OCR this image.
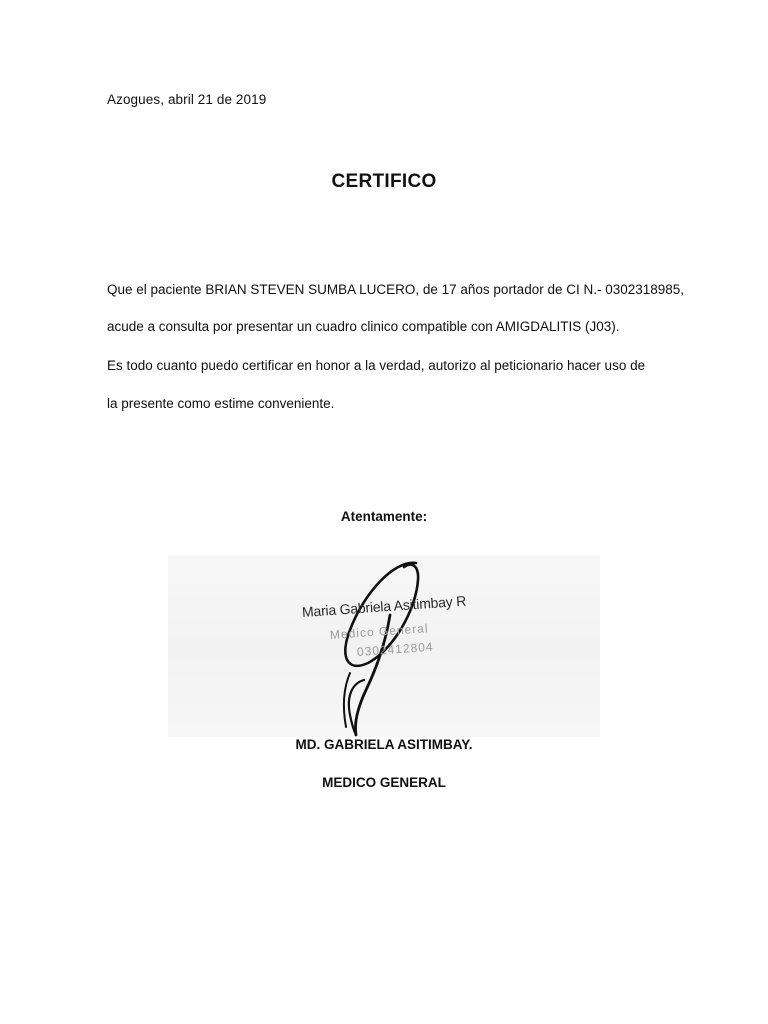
Azogues, abril 21 de 2019
CERTIFICO
Que el paciente BRIAN STEVEN SUMBA LUCERO, de 17 años portador de CI N.- 0302318985,
acude a consulta por presentar un cuadro clinico compatible con AMIGDALITIS (J03).
Es todo cuanto puedo certificar en honor a la verdad, autorizo al peticionario hacer uso de
la presente como estime conveniente.
Atentamente:
Maria Gabriela Asitimbay R
Medico General
0302412804
MD. GABRIELA ASITIMBAY.
MEDICO GENERAL
